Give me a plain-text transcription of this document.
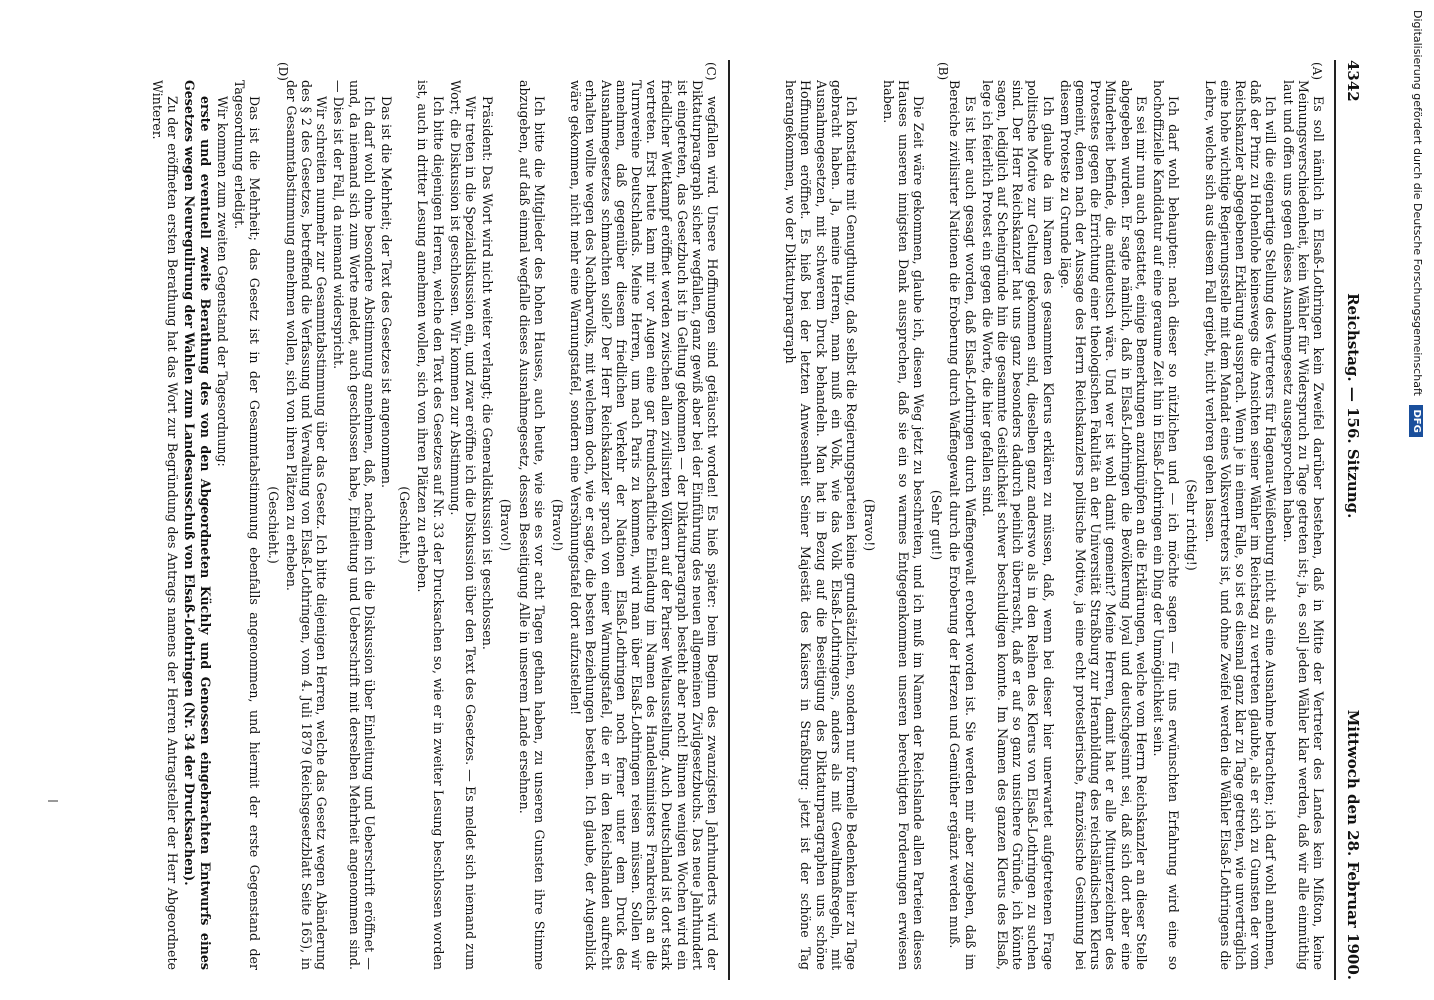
4342
Reichstag. — 156. Sitzung.
Mittwoch den 28. Februar 1900.
(A)
(B)
(C)
(D)

Es soll nämlich in Elsaß-Lothringen kein Zweifel darüber bestehen, daß in Mitte der Vertreter des Landes kein Mißton, keine Meinungsverschiedenheit, kein Wähler für Widerspruch zu Tage getreten ist; ja, es soll jeden Wähler klar werden, daß wir alle einmüthig laut und offen uns gegen dieses Ausnahmegesetz ausgesprochen haben.

Ich will die eigenartige Stellung des Vertreters für Hagenau-Weißenburg nicht als eine Ausnahme betrachten; ich darf wohl annehmen, daß der Prinz zu Hohenlohe keineswegs die Ansichten seiner Wähler im Reichstag zu vertreten glaubte, als er sich zu Gunsten der vom Reichskanzler abgegebenen Erklärung aussprach. Wenn je in einem Falle, so ist es diesmal ganz klar zu Tage getreten, wie unverträglich eine hohe wichtige Regierungsstelle mit dem Mandat eines Volksvertreters ist, und ohne Zweifel werden die Wähler Elsaß-Lothringens die Lehre, welche sich aus diesem Fall ergiebt, nicht verloren gehen lassen.

(Sehr richtig!)

Ich darf wohl behaupten: nach dieser so nützlichen und — ich möchte sagen — für uns erwünschten Erfahrung wird eine so hochoffizielle Kandidatur auf eine geraume Zeit hin in Elsaß-Lothringen ein Ding der Unmöglichkeit sein.

Es sei mir nun auch gestattet, einige Bemerkungen anzuknüpfen an die Erklärungen, welche vom Herrn Reichskanzler an dieser Stelle abgegeben wurden. Er sagte nämlich, daß in Elsaß-Lothringen die Bevölkerung loyal und deutschgesinnt sei, daß sich dort aber eine Minderheit befinde, die antideutsch wäre. Und wer ist wohl damit gemeint? Meine Herren, damit hat er alle Mitunterzeichner des Protestes gegen die Errichtung einer theologischen Fakultät an der Universität Straßburg zur Heranbildung des reichsländischen Klerus gemeint, denen nach der Aussage des Herrn Reichskanzlers politische Motive, ja eine echt protestlerische, französische Gesinnung bei diesem Proteste zu Grunde läge.

Ich glaube da im Namen des gesammten Klerus erklären zu müssen, daß, wenn bei dieser hier unerwartet aufgetretenen Frage politische Motive zur Geltung gekommen sind, dieselben ganz anderswo als in den Reihen des Klerus von Elsaß-Lothringen zu suchen sind. Der Herr Reichskanzler hat uns ganz besonders dadurch peinlich überrascht, daß er auf so ganz unsichere Gründe, ich könnte sagen, lediglich auf Scheingründe hin die gesammte Geistlichkeit schwer beschuldigen konnte. Im Namen des ganzen Klerus des Elsaß, lege ich feierlich Protest ein gegen die Worte, die hier gefallen sind.

Es ist hier auch gesagt worden, daß Elsaß-Lothringen durch Waffengewalt erobert worden ist. Sie werden mir aber zugeben, daß im Bereiche zivilisirter Nationen die Eroberung durch Waffengewalt durch die Eroberung der Herzen und Gemüther ergänzt werden muß.

(Sehr gut!)

Die Zeit wäre gekommen, glaube ich, diesen Weg jetzt zu beschreiten, und ich muß im Namen der Reichslande allen Parteien dieses Hauses unseren innigsten Dank aussprechen, daß sie ein so warmes Entgegenkommen unseren berechtigten Forderungen erwiesen haben.

(Bravo!)

Ich konstatire mit Genugthuung, daß selbst die Regierungsparteien keine grundsätzlichen, sondern nur formelle Bedenken hier zu Tage gebracht haben. Ja, meine Herren, man muß ein Volk, wie das Volk Elsaß-Lothringens, anders als mit Gewaltmaßregeln, mit Ausnahmegesetzen, mit schwerem Druck behandeln. Man hat in Bezug auf die Beseitigung des Diktaturparagraphen uns schöne Hoffnungen eröffnet. Es hieß bei der letzten Anwesenheit Seiner Majestät des Kaisers in Straßburg: jetzt ist der schöne Tag herangekommen, wo der Diktaturparagraph

wegfallen wird. Unsere Hoffnungen sind getäuscht worden! Es hieß später: beim Beginn des zwanzigsten Jahrhunderts wird der Diktaturparagraph sicher wegfallen, ganz gewiß aber bei der Einführung des neuen allgemeinen Zivilgesetzbuchs. Das neue Jahrhundert ist eingetreten, das Gesetzbuch ist in Geltung gekommen — der Diktaturparagraph besteht aber noch! Binnen wenigen Wochen wird ein friedlicher Wettkampf eröffnet werden zwischen allen zivilisirten Völkern auf der Pariser Weltausstellung. Auch Deutschland ist dort stark vertreten. Erst heute kam mir vor Augen eine gar freundschaftliche Einladung im Namen des Handelsministers Frankreichs an die Turnvereine Deutschlands. Meine Herren, um nach Paris zu kommen, wird man über Elsaß-Lothringen reisen müssen. Sollen wir annehmen, daß gegenüber diesem friedlichen Verkehr der Nationen Elsaß-Lothringen noch ferner unter dem Druck des Ausnahmegesetzes schmachten solle? Der Herr Reichskanzler sprach von einer Warnungstafel, die er in den Reichslanden aufrecht erhalten wollte wegen des Nachbarvolks, mit welchem doch, wie er sagte, die besten Beziehungen bestehen. Ich glaube, der Augenblick wäre gekommen, nicht mehr eine Warnungstafel, sondern eine Versöhnungstafel dort aufzustellen!

(Bravo!)

Ich bitte die Mitglieder des hohen Hauses, auch heute, wie sie es vor acht Tagen gethan haben, zu unseren Gunsten ihre Stimme abzugeben, auf daß einmal wegfalle dieses Ausnahmegesetz, dessen Beseitigung Alle in unserem Lande ersehnen.

(Bravo!)

Präsident: Das Wort wird nicht weiter verlangt; die Generaldiskussion ist geschlossen.

Wir treten in die Spezialdiskussion ein, und zwar eröffne ich die Diskussion über den Text des Gesetzes. — Es meldet sich niemand zum Wort; die Diskussion ist geschlossen. Wir kommen zur Abstimmung.

Ich bitte diejenigen Herren, welche den Text des Gesetzes auf Nr. 33 der Drucksachen so, wie er in zweiter Lesung beschlossen worden ist, auch in dritter Lesung annehmen wollen, sich von ihren Plätzen zu erheben.

(Geschieht.)

Das ist die Mehrheit; der Text des Gesetzes ist angenommen.

Ich darf wohl ohne besondere Abstimmung annehmen, daß, nachdem ich die Diskussion über Einleitung und Ueberschrift eröffnet — und, da niemand sich zum Worte meldet, auch geschlossen habe, Einleitung und Ueberschrift mit derselben Mehrheit angenommen sind. — Dies ist der Fall, da niemand widerspricht.

Wir schreiten nunmehr zur Gesammtabstimmung über das Gesetz. Ich bitte diejenigen Herren, welche das Gesetz wegen Abänderung des § 2 des Gesetzes, betreffend die Verfassung und Verwaltung von Elsaß-Lothringen, vom 4. Juli 1879 (Reichsgesetzblatt Seite 165), in der Gesammtabstimmung annehmen wollen, sich von ihren Plätzen zu erheben.

(Geschieht.)

Das ist die Mehrheit; das Gesetz ist in der Gesammtabstimmung ebenfalls angenommen, und hiermit der erste Gegenstand der Tagesordnung erledigt.

Wir kommen zum zweiten Gegenstand der Tagesordnung:

erste und eventuell zweite Berathung des von den Abgeordneten Küchly und Genossen eingebrachten Entwurfs eines Gesetzes wegen Neuregulirung der Wahlen zum Landesausschuß von Elsaß-Lothringen (Nr. 34 der Drucksachen).

Zu der eröffneten ersten Berathung hat das Wort zur Begründung des Antrags namens der Herren Antragsteller der Herr Abgeordnete Winterer.	Digitalisierung gefördert durch die Deutsche Forschungsgemeinschaft DFG
